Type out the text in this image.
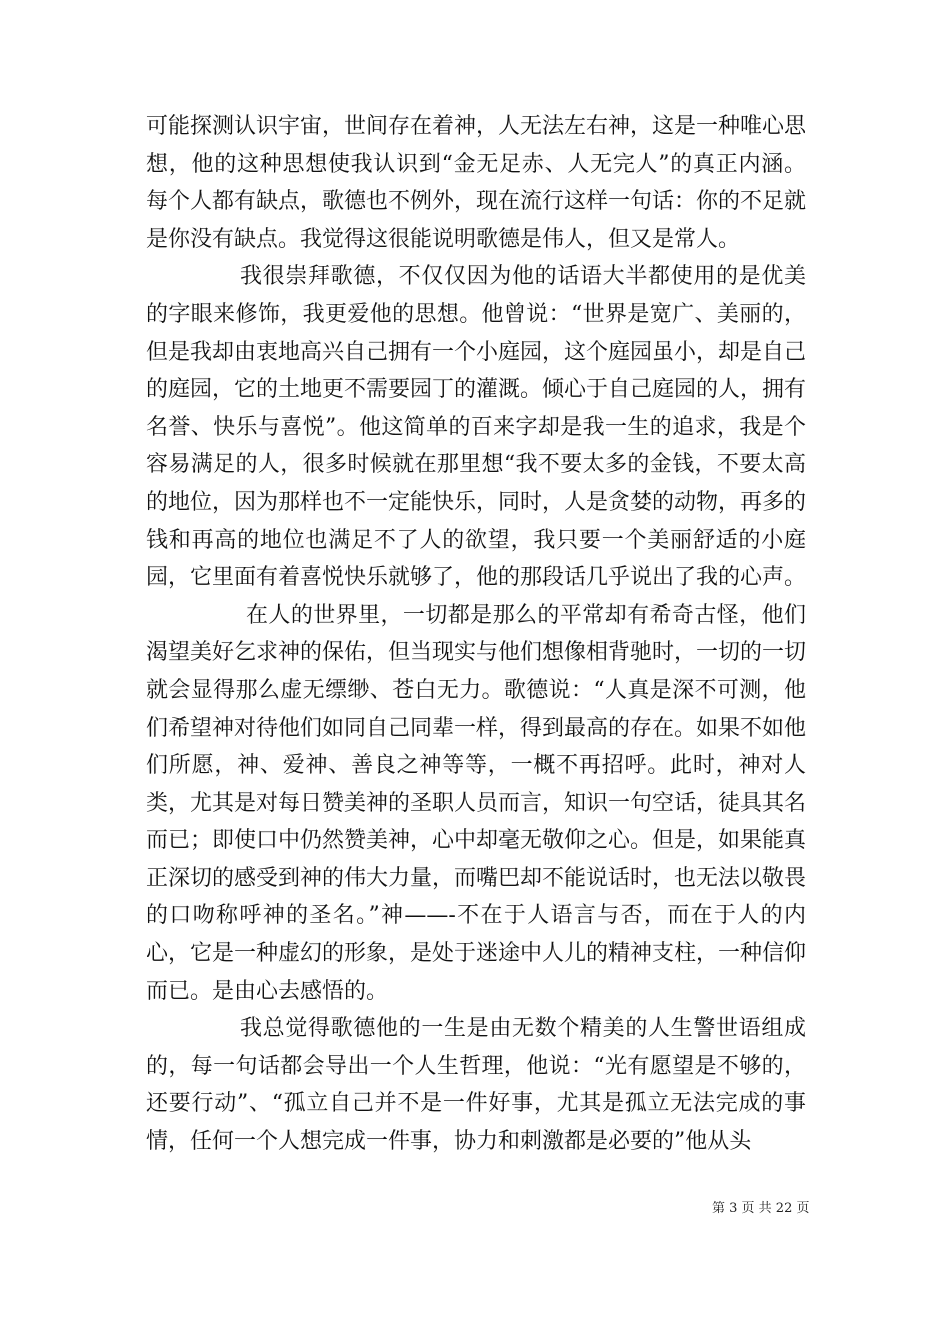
可能探测认识宇宙，世间存在着神，人无法左右神，这是一种唯心思想，他的这种思想使我认识到“金无足赤、人无完人”的真正内涵。每个人都有缺点，歌德也不例外，现在流行这样一句话：你的不足就是你没有缺点。我觉得这很能说明歌德是伟人，但又是常人。

我很崇拜歌德，不仅仅因为他的话语大半都使用的是优美的字眼来修饰，我更爱他的思想。他曾说：“世界是宽广、美丽的，但是我却由衷地高兴自己拥有一个小庭园，这个庭园虽小，却是自己的庭园，它的土地更不需要园丁的灌溉。倾心于自己庭园的人，拥有名誉、快乐与喜悦”。他这简单的百来字却是我一生的追求，我是个容易满足的人，很多时候就在那里想“我不要太多的金钱，不要太高的地位，因为那样也不一定能快乐，同时，人是贪婪的动物，再多的钱和再高的地位也满足不了人的欲望，我只要一个美丽舒适的小庭园，它里面有着喜悦快乐就够了，他的那段话几乎说出了我的心声。

在人的世界里，一切都是那么的平常却有希奇古怪，他们渴望美好乞求神的保佑，但当现实与他们想像相背驰时，一切的一切就会显得那么虚无缥缈、苍白无力。歌德说：“人真是深不可测，他们希望神对待他们如同自己同辈一样，得到最高的存在。如果不如他们所愿，神、爱神、善良之神等等，一概不再招呼。此时，神对人类，尤其是对每日赞美神的圣职人员而言，知识一句空话，徒具其名而已；即使口中仍然赞美神，心中却毫无敬仰之心。但是，如果能真正深切的感受到神的伟大力量，而嘴巴却不能说话时，也无法以敬畏的口吻称呼神的圣名。”神——-不在于人语言与否，而在于人的内心，它是一种虚幻的形象，是处于迷途中人儿的精神支柱，一种信仰而已。是由心去感悟的。

我总觉得歌德他的一生是由无数个精美的人生警世语组成的，每一句话都会导出一个人生哲理，他说：“光有愿望是不够的，还要行动”、“孤立自己并不是一件好事，尤其是孤立无法完成的事情，任何一个人想完成一件事，协力和刺激都是必要的”他从头

第 3 页 共 22 页
